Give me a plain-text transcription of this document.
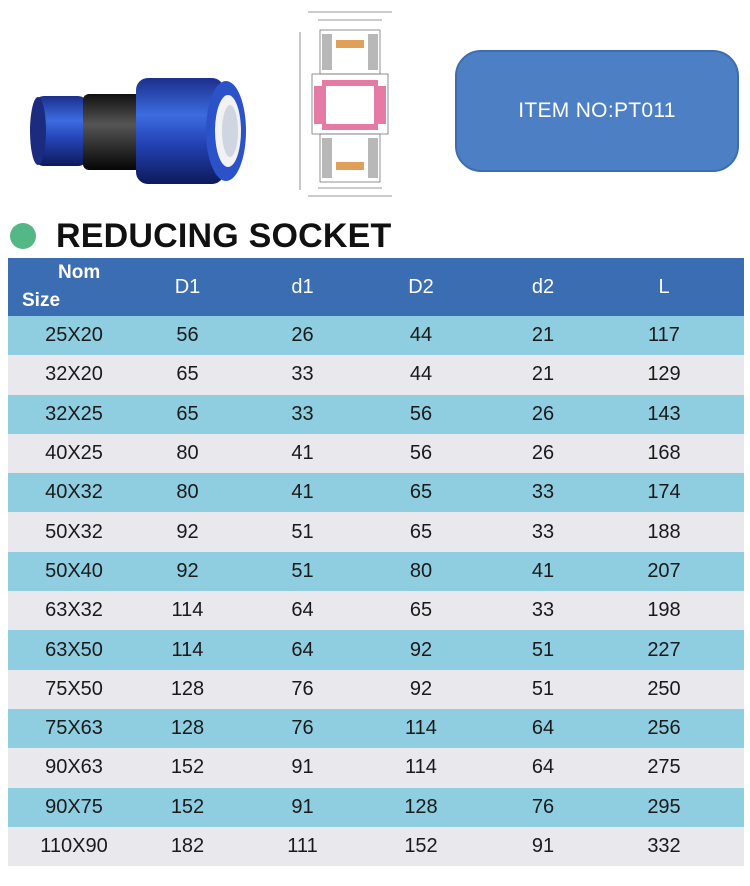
ITEM NO:PT011
REDUCING SOCKET
Nom
Size
D1	d1	D2	d2	L
25X20	56	26	44	21	117
32X20	65	33	44	21	129
32X25	65	33	56	26	143
40X25	80	41	56	26	168
40X32	80	41	65	33	174
50X32	92	51	65	33	188
50X40	92	51	80	41	207
63X32	114	64	65	33	198
63X50	114	64	92	51	227
75X50	128	76	92	51	250
75X63	128	76	114	64	256
90X63	152	91	114	64	275
90X75	152	91	128	76	295
110X90	182	111	152	91	332
